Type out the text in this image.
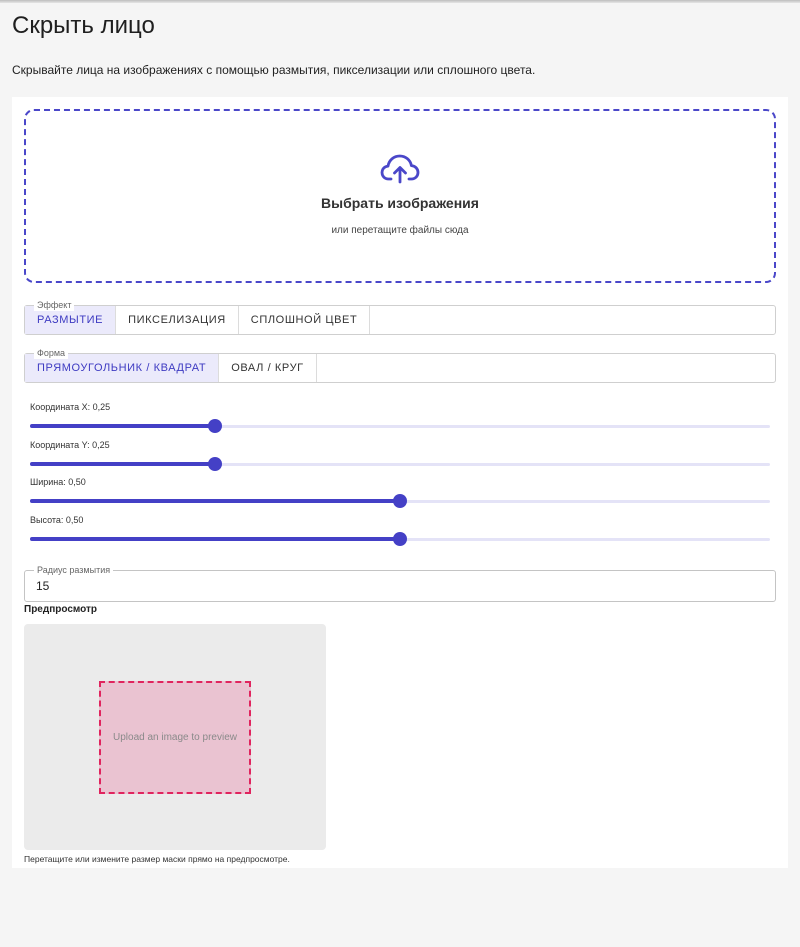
Скрыть лицо

Скрывайте лица на изображениях с помощью размытия, пикселизации или сплошного цвета.

Выбрать изображения
или перетащите файлы сюда
Эффект
РАЗМЫТИЕ	ПИКСЕЛИЗАЦИЯ	СПЛОШНОЙ ЦВЕТ
Форма
ПРЯМОУГОЛЬНИК / КВАДРАТ	ОВАЛ / КРУГ
Координата X: 0,25
Координата Y: 0,25
Ширина: 0,50
Высота: 0,50
Радиус размытия
15
Предпросмотр
Upload an image to preview
Перетащите или измените размер маски прямо на предпросмотре.
